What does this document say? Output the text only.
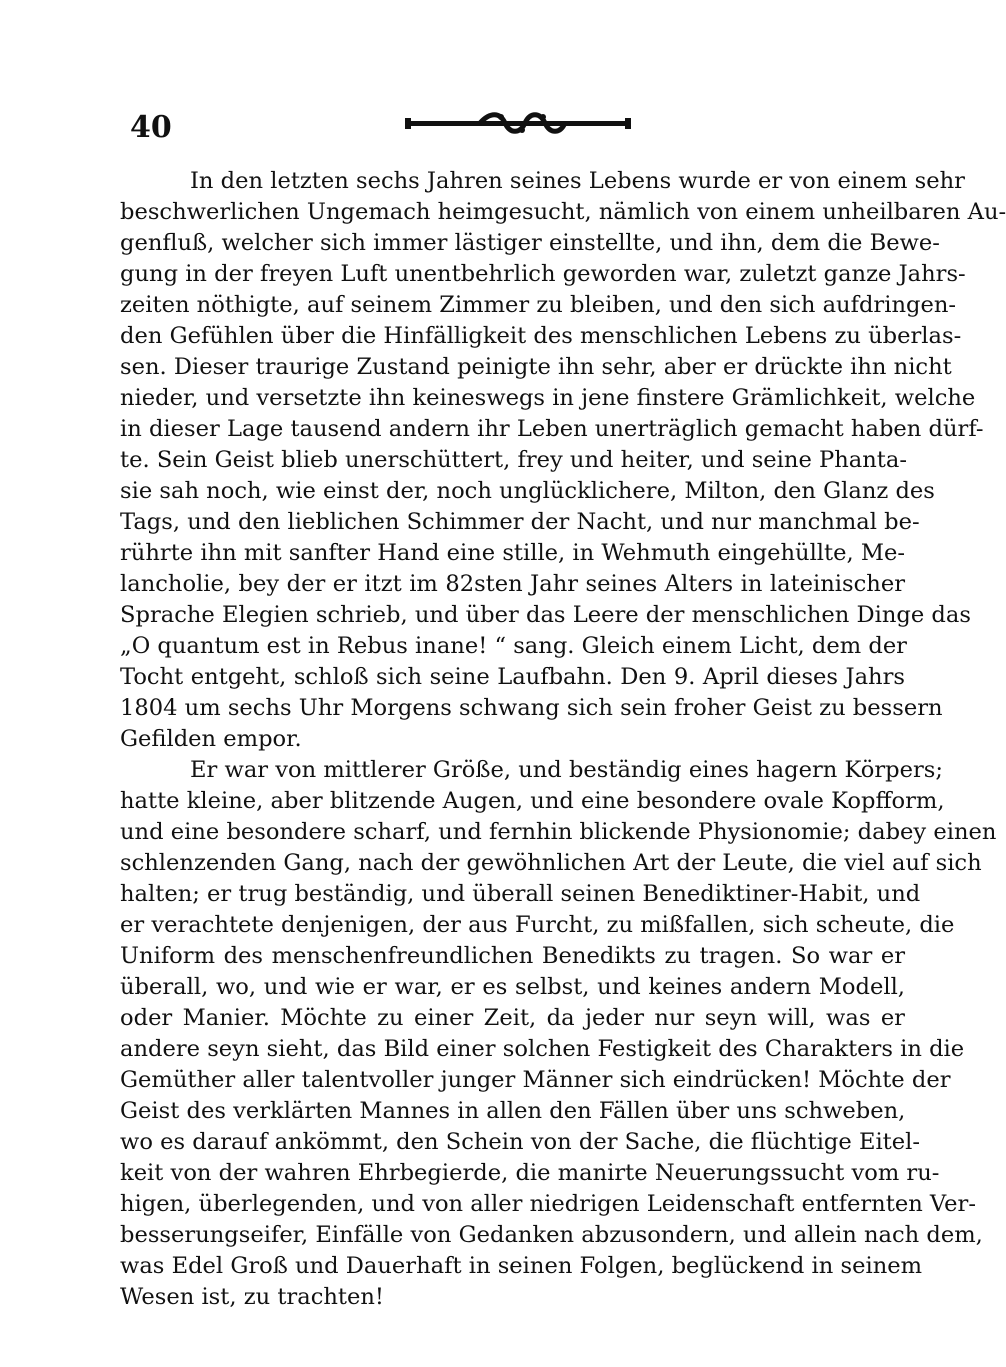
40
In den letzten sechs Jahren seines Lebens wurde er von einem sehr
beschwerlichen Ungemach heimgesucht, nämlich von einem unheilbaren Au-
genfluß, welcher sich immer lästiger einstellte, und ihn, dem die Bewe-
gung in der freyen Luft unentbehrlich geworden war, zuletzt ganze Jahrs-
zeiten nöthigte, auf seinem Zimmer zu bleiben, und den sich aufdringen-
den Gefühlen über die Hinfälligkeit des menschlichen Lebens zu überlas-
sen. Dieser traurige Zustand peinigte ihn sehr, aber er drückte ihn nicht
nieder, und versetzte ihn keineswegs in jene finstere Grämlichkeit, welche
in dieser Lage tausend andern ihr Leben unerträglich gemacht haben dürf-
te. Sein Geist blieb unerschüttert, frey und heiter, und seine Phanta-
sie sah noch, wie einst der, noch unglücklichere, Milton, den Glanz des
Tags, und den lieblichen Schimmer der Nacht, und nur manchmal be-
rührte ihn mit sanfter Hand eine stille, in Wehmuth eingehüllte, Me-
lancholie, bey der er itzt im 82sten Jahr seines Alters in lateinischer
Sprache Elegien schrieb, und über das Leere der menschlichen Dinge das
„O quantum est in Rebus inane! “ sang. Gleich einem Licht, dem der
Tocht entgeht, schloß sich seine Laufbahn. Den 9. April dieses Jahrs
1804 um sechs Uhr Morgens schwang sich sein froher Geist zu bessern
Gefilden empor.
Er war von mittlerer Größe, und beständig eines hagern Körpers;
hatte kleine, aber blitzende Augen, und eine besondere ovale Kopfform,
und eine besondere scharf, und fernhin blickende Physionomie; dabey einen
schlenzenden Gang, nach der gewöhnlichen Art der Leute, die viel auf sich
halten; er trug beständig, und überall seinen Benediktiner-Habit, und
er verachtete denjenigen, der aus Furcht, zu mißfallen, sich scheute, die
Uniform des menschenfreundlichen Benedikts zu tragen. So war er
überall, wo, und wie er war, er es selbst, und keines andern Modell,
oder Manier. Möchte zu einer Zeit, da jeder nur seyn will, was er
andere seyn sieht, das Bild einer solchen Festigkeit des Charakters in die
Gemüther aller talentvoller junger Männer sich eindrücken! Möchte der
Geist des verklärten Mannes in allen den Fällen über uns schweben,
wo es darauf ankömmt, den Schein von der Sache, die flüchtige Eitel-
keit von der wahren Ehrbegierde, die manirte Neuerungssucht vom ru-
higen, überlegenden, und von aller niedrigen Leidenschaft entfernten Ver-
besserungseifer, Einfälle von Gedanken abzusondern, und allein nach dem,
was Edel Groß und Dauerhaft in seinen Folgen, beglückend in seinem
Wesen ist, zu trachten!
